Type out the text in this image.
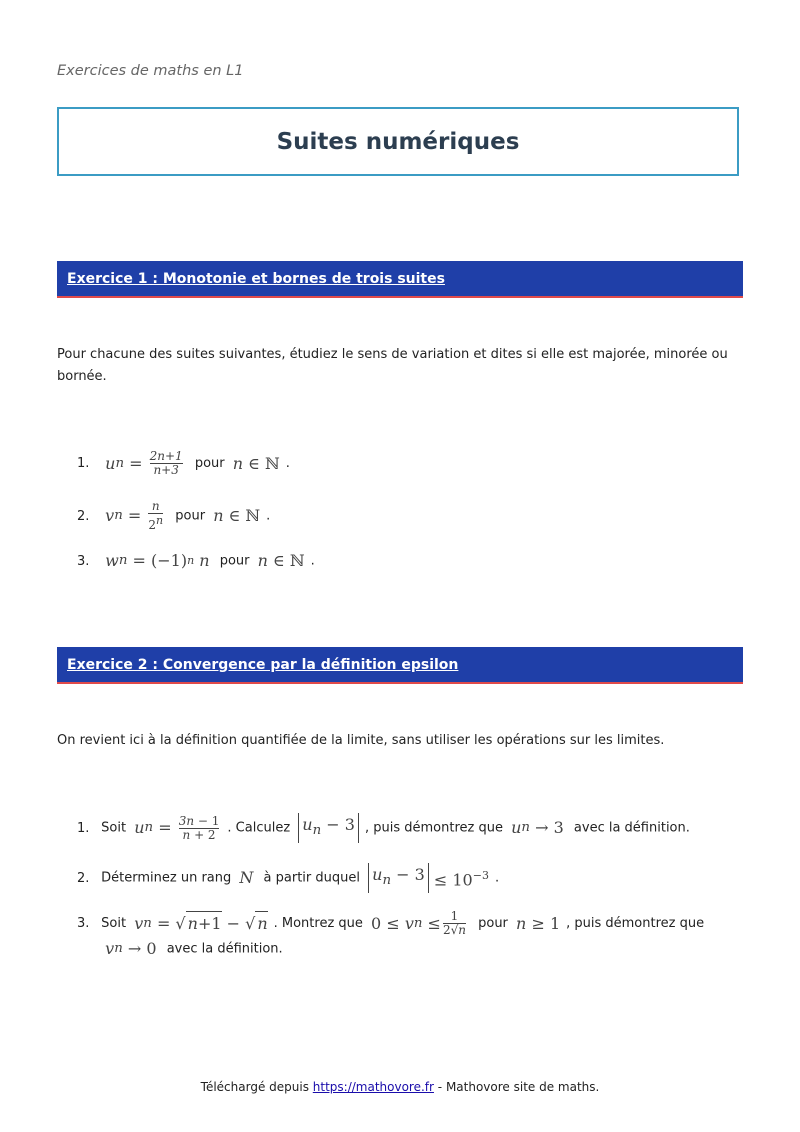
Exercices de maths en L1
Suites numériques
Exercice 1 : Monotonie et bornes de trois suites
Pour chacune des suites suivantes, étudiez le sens de variation et dites si elle est majorée, minorée ou bornée.
1. u n
=
$\frac{2n+1}{n+3}$ pour n ∈ ℕ .
2. v n
=
$\frac{n}{2^n}$ pour n ∈ ℕ .
3. w n
= (−1) n n pour n ∈ ℕ .
Exercice 2 : Convergence par la définition epsilon
On revient ici à la définition quantifiée de la limite, sans utiliser les opérations sur les limites.
1. Soit u n
=
$\frac{3n - 1}{n + 2}$ . Calculez $u_n - 3$ , puis démontrez que u n → 3 avec la définition.
2. Déterminez un rang N à partir duquel $u_n - 3 \le 10^{-3}$ .
3. Soit v n
= √ n+1 − √ n . Montrez que 0 ≤ v $n \le \frac{1}{2√n}$ pour n ≥ 1 , puis démontrez que
v n → 0 avec la définition.
Téléchargé depuis https://mathovore.fr - Mathovore site de maths.
